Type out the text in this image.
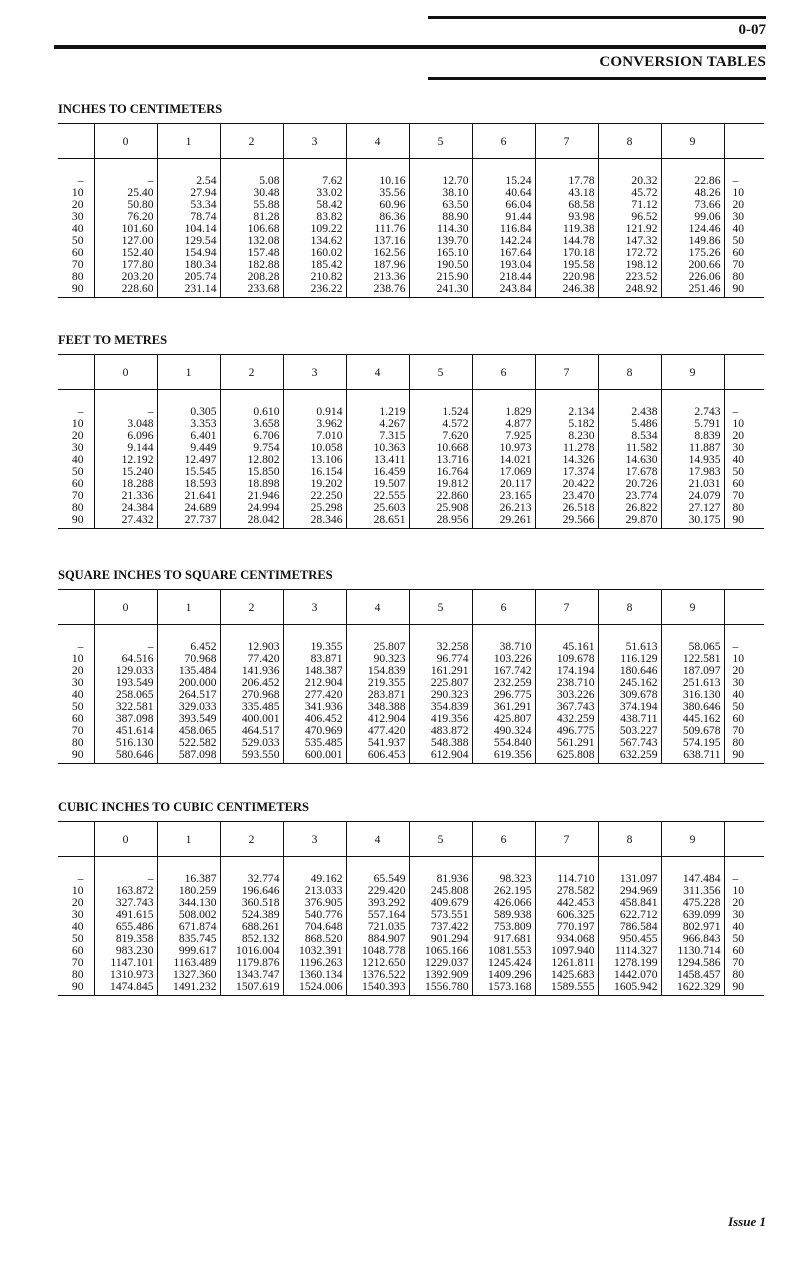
0-07
CONVERSION TABLES
INCHES TO CENTIMETERS
	0	1	2	3	4	5	6	7	8	9	

–	–	2.54	5.08	7.62	10.16	12.70	15.24	17.78	20.32	22.86	–
10	25.40	27.94	30.48	33.02	35.56	38.10	40.64	43.18	45.72	48.26	10
20	50.80	53.34	55.88	58.42	60.96	63.50	66.04	68.58	71.12	73.66	20
30	76.20	78.74	81.28	83.82	86.36	88.90	91.44	93.98	96.52	99.06	30
40	101.60	104.14	106.68	109.22	111.76	114.30	116.84	119.38	121.92	124.46	40
50	127.00	129.54	132.08	134.62	137.16	139.70	142.24	144.78	147.32	149.86	50
60	152.40	154.94	157.48	160.02	162.56	165.10	167.64	170.18	172.72	175.26	60
70	177.80	180.34	182.88	185.42	187.96	190.50	193.04	195.58	198.12	200.66	70
80	203.20	205.74	208.28	210.82	213.36	215.90	218.44	220.98	223.52	226.06	80
90	228.60	231.14	233.68	236.22	238.76	241.30	243.84	246.38	248.92	251.46	90
FEET TO METRES
	0	1	2	3	4	5	6	7	8	9	

–	–	0.305	0.610	0.914	1.219	1.524	1.829	2.134	2.438	2.743	–
10	3.048	3.353	3.658	3.962	4.267	4.572	4.877	5.182	5.486	5.791	10
20	6.096	6.401	6.706	7.010	7.315	7.620	7.925	8.230	8.534	8.839	20
30	9.144	9.449	9.754	10.058	10.363	10.668	10.973	11.278	11.582	11.887	30
40	12.192	12.497	12.802	13.106	13.411	13.716	14.021	14.326	14.630	14.935	40
50	15.240	15.545	15.850	16.154	16.459	16.764	17.069	17.374	17.678	17.983	50
60	18.288	18.593	18.898	19.202	19.507	19.812	20.117	20.422	20.726	21.031	60
70	21.336	21.641	21.946	22.250	22.555	22.860	23.165	23.470	23.774	24.079	70
80	24.384	24.689	24.994	25.298	25.603	25.908	26.213	26.518	26.822	27.127	80
90	27.432	27.737	28.042	28.346	28.651	28.956	29.261	29.566	29.870	30.175	90
SQUARE INCHES TO SQUARE CENTIMETRES
	0	1	2	3	4	5	6	7	8	9	

–	–	6.452	12.903	19.355	25.807	32.258	38.710	45.161	51.613	58.065	–
10	64.516	70.968	77.420	83.871	90.323	96.774	103.226	109.678	116.129	122.581	10
20	129.033	135.484	141.936	148.387	154.839	161.291	167.742	174.194	180.646	187.097	20
30	193.549	200.000	206.452	212.904	219.355	225.807	232.259	238.710	245.162	251.613	30
40	258.065	264.517	270.968	277.420	283.871	290.323	296.775	303.226	309.678	316.130	40
50	322.581	329.033	335.485	341.936	348.388	354.839	361.291	367.743	374.194	380.646	50
60	387.098	393.549	400.001	406.452	412.904	419.356	425.807	432.259	438.711	445.162	60
70	451.614	458.065	464.517	470.969	477.420	483.872	490.324	496.775	503.227	509.678	70
80	516.130	522.582	529.033	535.485	541.937	548.388	554.840	561.291	567.743	574.195	80
90	580.646	587.098	593.550	600.001	606.453	612.904	619.356	625.808	632.259	638.711	90
CUBIC INCHES TO CUBIC CENTIMETERS
	0	1	2	3	4	5	6	7	8	9	

–	–	16.387	32.774	49.162	65.549	81.936	98.323	114.710	131.097	147.484	–
10	163.872	180.259	196.646	213.033	229.420	245.808	262.195	278.582	294.969	311.356	10
20	327.743	344.130	360.518	376.905	393.292	409.679	426.066	442.453	458.841	475.228	20
30	491.615	508.002	524.389	540.776	557.164	573.551	589.938	606.325	622.712	639.099	30
40	655.486	671.874	688.261	704.648	721.035	737.422	753.809	770.197	786.584	802.971	40
50	819.358	835.745	852.132	868.520	884.907	901.294	917.681	934.068	950.455	966.843	50
60	983.230	999.617	1016.004	1032.391	1048.778	1065.166	1081.553	1097.940	1114.327	1130.714	60
70	1147.101	1163.489	1179.876	1196.263	1212.650	1229.037	1245.424	1261.811	1278.199	1294.586	70
80	1310.973	1327.360	1343.747	1360.134	1376.522	1392.909	1409.296	1425.683	1442.070	1458.457	80
90	1474.845	1491.232	1507.619	1524.006	1540.393	1556.780	1573.168	1589.555	1605.942	1622.329	90
Issue 1
